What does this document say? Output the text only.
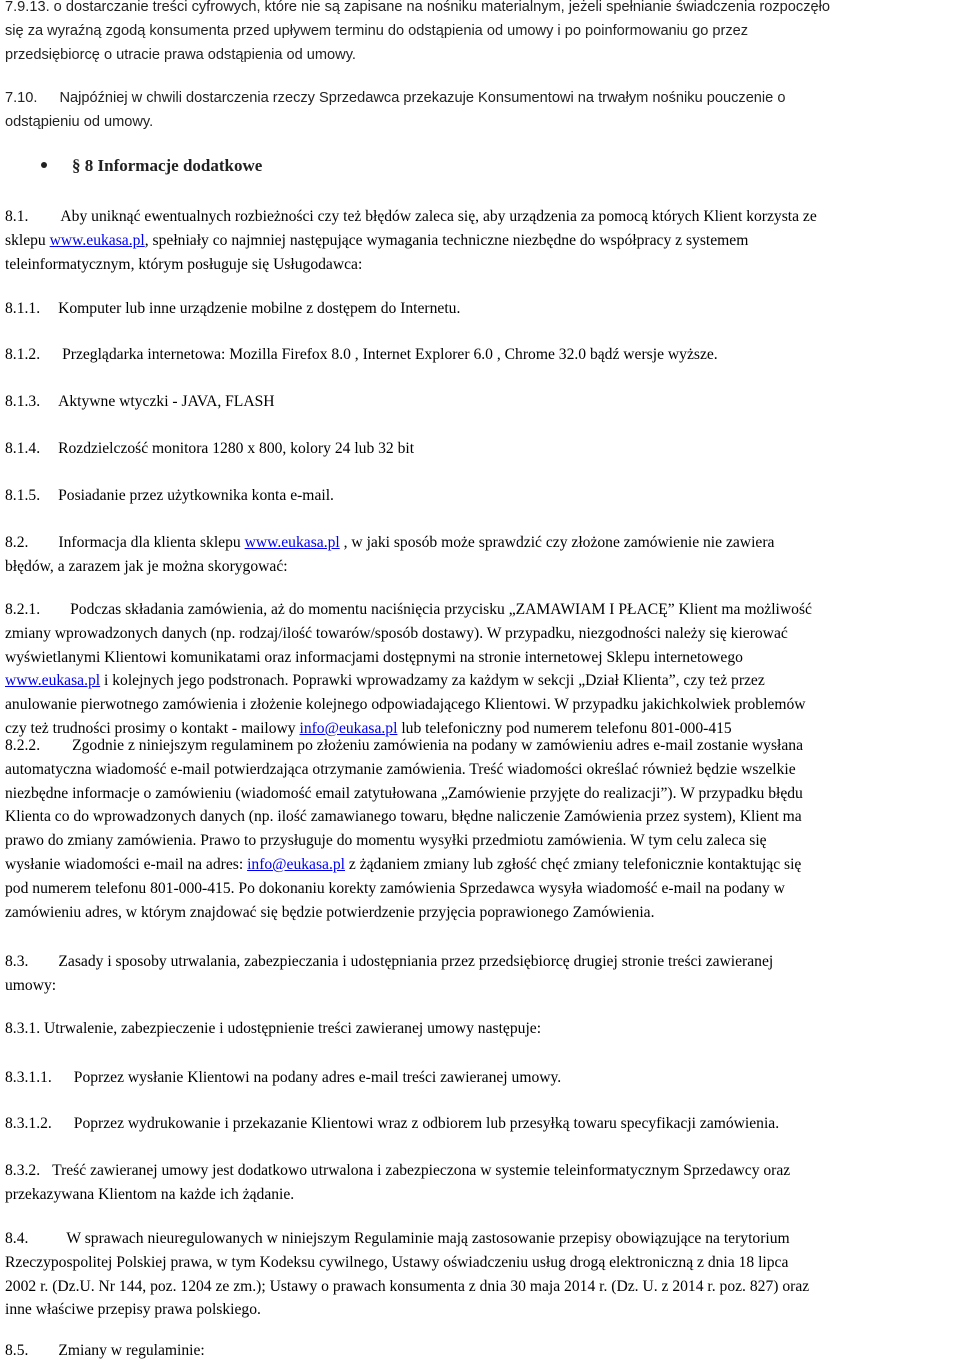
7.9.13. o dostarczanie treści cyfrowych, które nie są zapisane na nośniku materialnym, jeżeli spełnianie świadczenia rozpoczęło
się za wyraźną zgodą konsumenta przed upływem terminu do odstąpienia od umowy i po poinformowaniu go przez
przedsiębiorcę o utracie prawa odstąpienia od umowy.
7.10. Najpóźniej w chwili dostarczenia rzeczy Sprzedawca przekazuje Konsumentowi na trwałym nośniku pouczenie o
odstąpieniu od umowy.
§ 8 Informacje dodatkowe
8.1. Aby uniknąć ewentualnych rozbieżności czy też błędów zaleca się, aby urządzenia za pomocą których Klient korzysta ze
sklepu www.eukasa.pl, spełniały co najmniej następujące wymagania techniczne niezbędne do współpracy z systemem
teleinformatycznym, którym posługuje się Usługodawca:
8.1.1. Komputer lub inne urządzenie mobilne z dostępem do Internetu.
8.1.2. Przeglądarka internetowa: Mozilla Firefox 8.0 , Internet Explorer 6.0 , Chrome 32.0 bądź wersje wyższe.
8.1.3. Aktywne wtyczki - JAVA, FLASH
8.1.4. Rozdzielczość monitora 1280 x 800, kolory 24 lub 32 bit
8.1.5. Posiadanie przez użytkownika konta e-mail.
8.2. Informacja dla klienta sklepu www.eukasa.pl , w jaki sposób może sprawdzić czy złożone zamówienie nie zawiera
błędów, a zarazem jak je można skorygować:
8.2.1. Podczas składania zamówienia, aż do momentu naciśnięcia przycisku „ZAMAWIAM I PŁACĘ” Klient ma możliwość
zmiany wprowadzonych danych (np. rodzaj/ilość towarów/sposób dostawy). W przypadku, niezgodności należy się kierować
wyświetlanymi Klientowi komunikatami oraz informacjami dostępnymi na stronie internetowej Sklepu internetowego
www.eukasa.pl i kolejnych jego podstronach. Poprawki wprowadzamy za każdym w sekcji „Dział Klienta”, czy też przez
anulowanie pierwotnego zamówienia i złożenie kolejnego odpowiadającego Klientowi. W przypadku jakichkolwiek problemów
czy też trudności prosimy o kontakt - mailowy info@eukasa.pl lub telefoniczny pod numerem telefonu 801-000-415
8.2.2. Zgodnie z niniejszym regulaminem po złożeniu zamówienia na podany w zamówieniu adres e-mail zostanie wysłana
automatyczna wiadomość e-mail potwierdzająca otrzymanie zamówienia. Treść wiadomości określać również będzie wszelkie
niezbędne informacje o zamówieniu (wiadomość email zatytułowana „Zamówienie przyjęte do realizacji”). W przypadku błędu
Klienta co do wprowadzonych danych (np. ilość zamawianego towaru, błędne naliczenie Zamówienia przez system), Klient ma
prawo do zmiany zamówienia. Prawo to przysługuje do momentu wysyłki przedmiotu zamówienia. W tym celu zaleca się
wysłanie wiadomości e-mail na adres: info@eukasa.pl z żądaniem zmiany lub zgłość chęć zmiany telefonicznie kontaktując się
pod numerem telefonu 801-000-415. Po dokonaniu korekty zamówienia Sprzedawca wysyła wiadomość e-mail na podany w
zamówieniu adres, w którym znajdować się będzie potwierdzenie przyjęcia poprawionego Zamówienia.
8.3. Zasady i sposoby utrwalania, zabezpieczania i udostępniania przez przedsiębiorcę drugiej stronie treści zawieranej
umowy:
8.3.1. Utrwalenie, zabezpieczenie i udostępnienie treści zawieranej umowy następuje:
8.3.1.1. Poprzez wysłanie Klientowi na podany adres e-mail treści zawieranej umowy.
8.3.1.2. Poprzez wydrukowanie i przekazanie Klientowi wraz z odbiorem lub przesyłką towaru specyfikacji zamówienia.
8.3.2. Treść zawieranej umowy jest dodatkowo utrwalona i zabezpieczona w systemie teleinformatycznym Sprzedawcy oraz
przekazywana Klientom na każde ich żądanie.
8.4. W sprawach nieuregulowanych w niniejszym Regulaminie mają zastosowanie przepisy obowiązujące na terytorium
Rzeczypospolitej Polskiej prawa, w tym Kodeksu cywilnego, Ustawy oświadczeniu usług drogą elektroniczną z dnia 18 lipca
2002 r. (Dz.U. Nr 144, poz. 1204 ze zm.); Ustawy o prawach konsumenta z dnia 30 maja 2014 r. (Dz. U. z 2014 r. poz. 827) oraz
inne właściwe przepisy prawa polskiego.
8.5. Zmiany w regulaminie:
